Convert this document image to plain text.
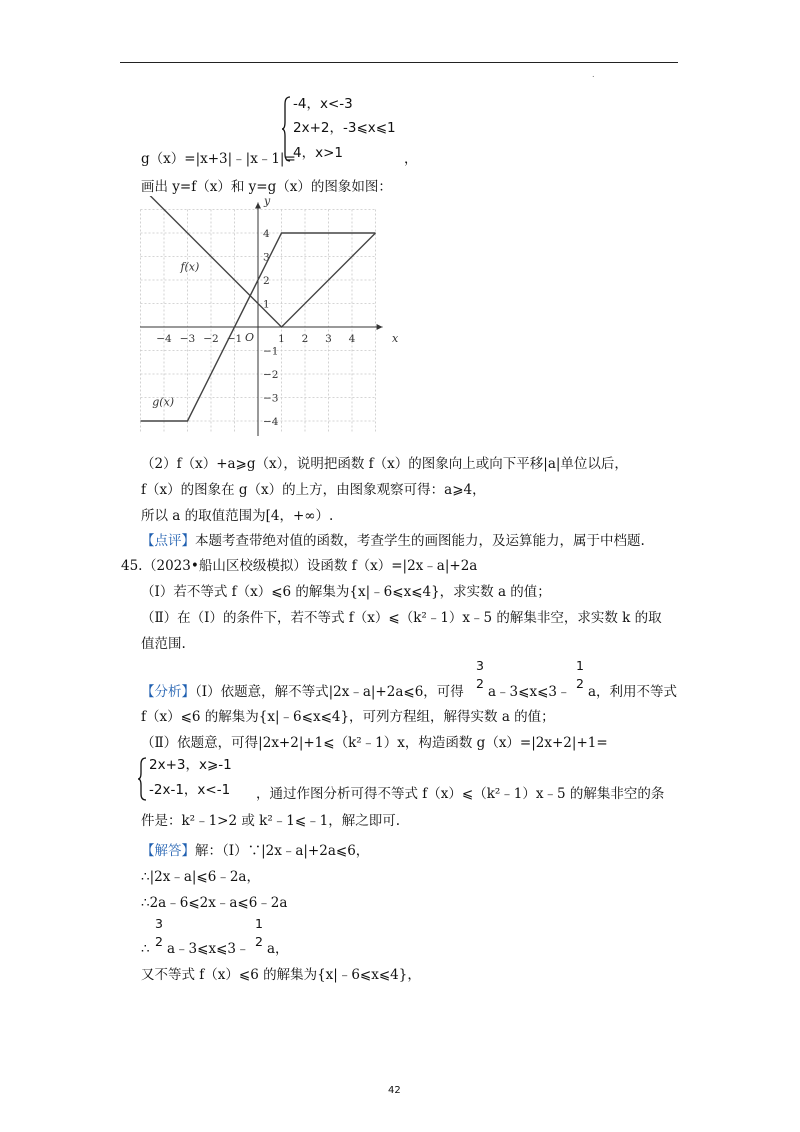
.
g（x）=|x+3|﹣|x﹣1|=
-4，x<-3
2x+2，-3⩽x⩽1
4，x>1	，
画出 y=f（x）和 y=g（x）的图象如图：
x
y
O
−4 −3 −2 −1	1 2 3 4
4
3
2
1
−1
−2
−3
−4
f(x)
g(x)
（2）f（x）+a⩾g（x），说明把函数 f（x）的图象向上或向下平移|a|单位以后，
f（x）的图象在 g（x）的上方，由图象观察可得：a⩾4，
所以 a 的取值范围为[4，+∞）.
【点评】本题考查带绝对值的函数，考查学生的画图能力，及运算能力，属于中档题.
45. （2023•船山区校级模拟）设函数 f（x）=|2x﹣a|+2a
（Ⅰ）若不等式 f（x）⩽6 的解集为{x|﹣6⩽x⩽4}，求实数 a 的值；
（Ⅱ）在（Ⅰ）的条件下，若不等式 f（x）⩽（k²﹣1）x﹣5 的解集非空，求实数 k 的取
值范围.
【分析】（Ⅰ）依题意，解不等式|2x﹣a|+2a⩽6，可得
3
2
a﹣3⩽x⩽3﹣
1
2
a，利用不等式
f（x）⩽6 的解集为{x|﹣6⩽x⩽4}，可列方程组，解得实数 a 的值；
（Ⅱ）依题意，可得|2x+2|+1⩽（k²﹣1）x，构造函数 g（x）=|2x+2|+1=
2x+3，x⩾-1
-2x-1，x<-1 ，通过作图分析可得不等式 f（x）⩽（k²﹣1）x﹣5 的解集非空的条
件是：k²﹣1>2 或 k²﹣1⩽﹣1，解之即可.
【解答】解：（Ⅰ）∵|2x﹣a|+2a⩽6，
∴|2x﹣a|⩽6﹣2a，
∴2a﹣6⩽2x﹣a⩽6﹣2a
∴
3
2 a﹣3⩽x⩽3﹣
1
2 a，
又不等式 f（x）⩽6 的解集为{x|﹣6⩽x⩽4}，
42
